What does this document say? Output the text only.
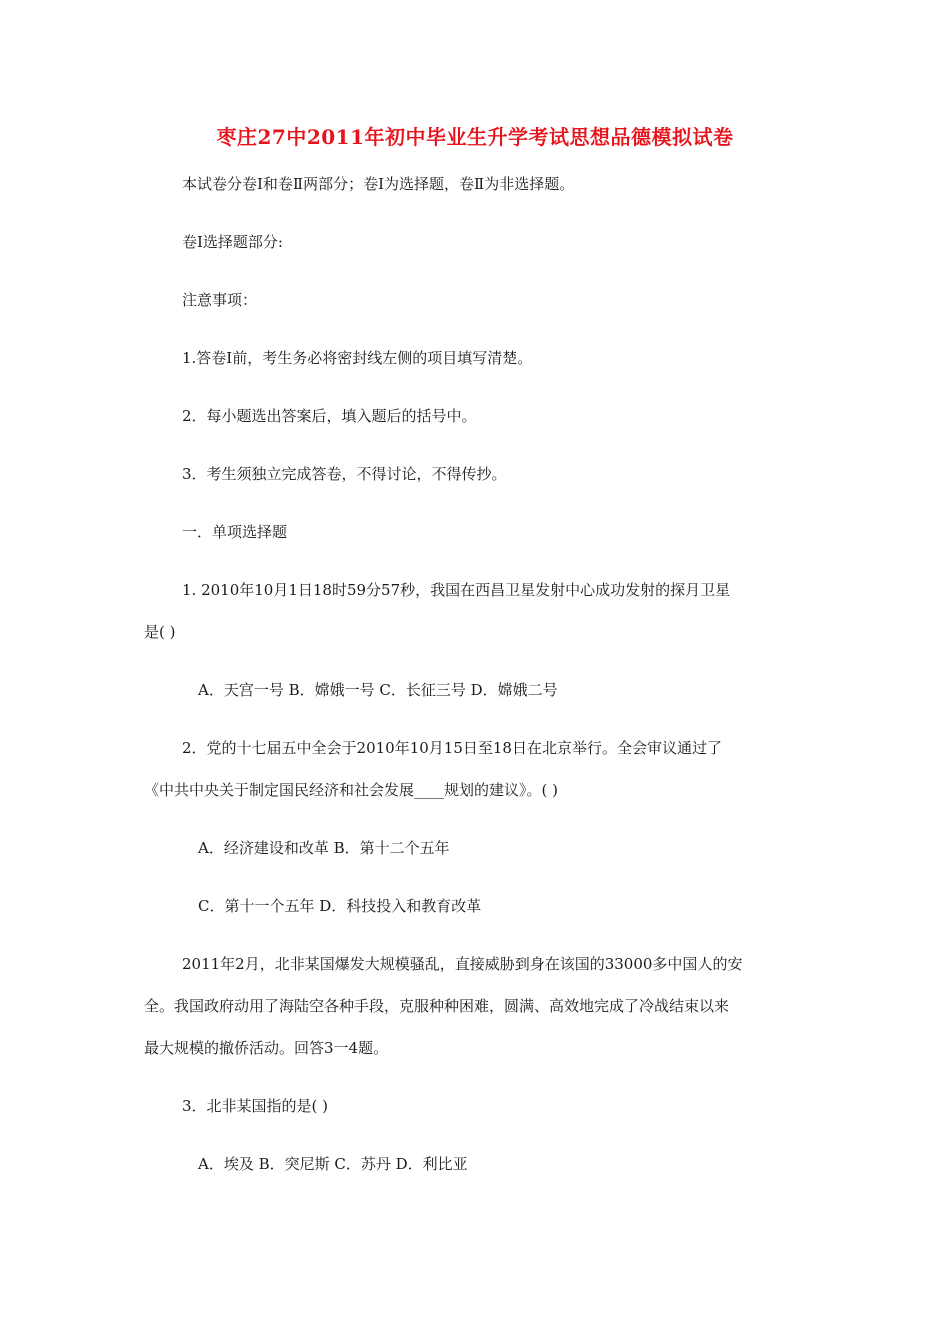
枣庄27中2011年初中毕业生升学考试思想品德模拟试卷
本试卷分卷Ⅰ和卷Ⅱ两部分；卷Ⅰ为选择题，卷Ⅱ为非选择题。
卷Ⅰ选择题部分:
注意事项：
1.答卷Ⅰ前，考生务必将密封线左侧的项目填写清楚。
2．每小题选出答案后，填入题后的括号中。
3．考生须独立完成答卷，不得讨论，不得传抄。
一．单项选择题
1. 2010年10月1日18时59分57秒，我国在西昌卫星发射中心成功发射的探月卫星
是( )
A．天宫一号 B．嫦娥一号 C．长征三号 D．嫦娥二号
2．党的十七届五中全会于2010年10月15日至18日在北京举行。全会审议通过了
《中共中央关于制定国民经济和社会发展____规划的建议》。( )
A．经济建设和改革 B．第十二个五年
C．第十一个五年 D．科技投入和教育改革
2011年2月，北非某国爆发大规模骚乱，直接威胁到身在该国的33000多中国人的安
全。我国政府动用了海陆空各种手段，克服种种困难，圆满、高效地完成了冷战结束以来
最大规模的撤侨活动。回答3一4题。
3．北非某国指的是( )
A．埃及 B．突尼斯 C．苏丹 D．利比亚
